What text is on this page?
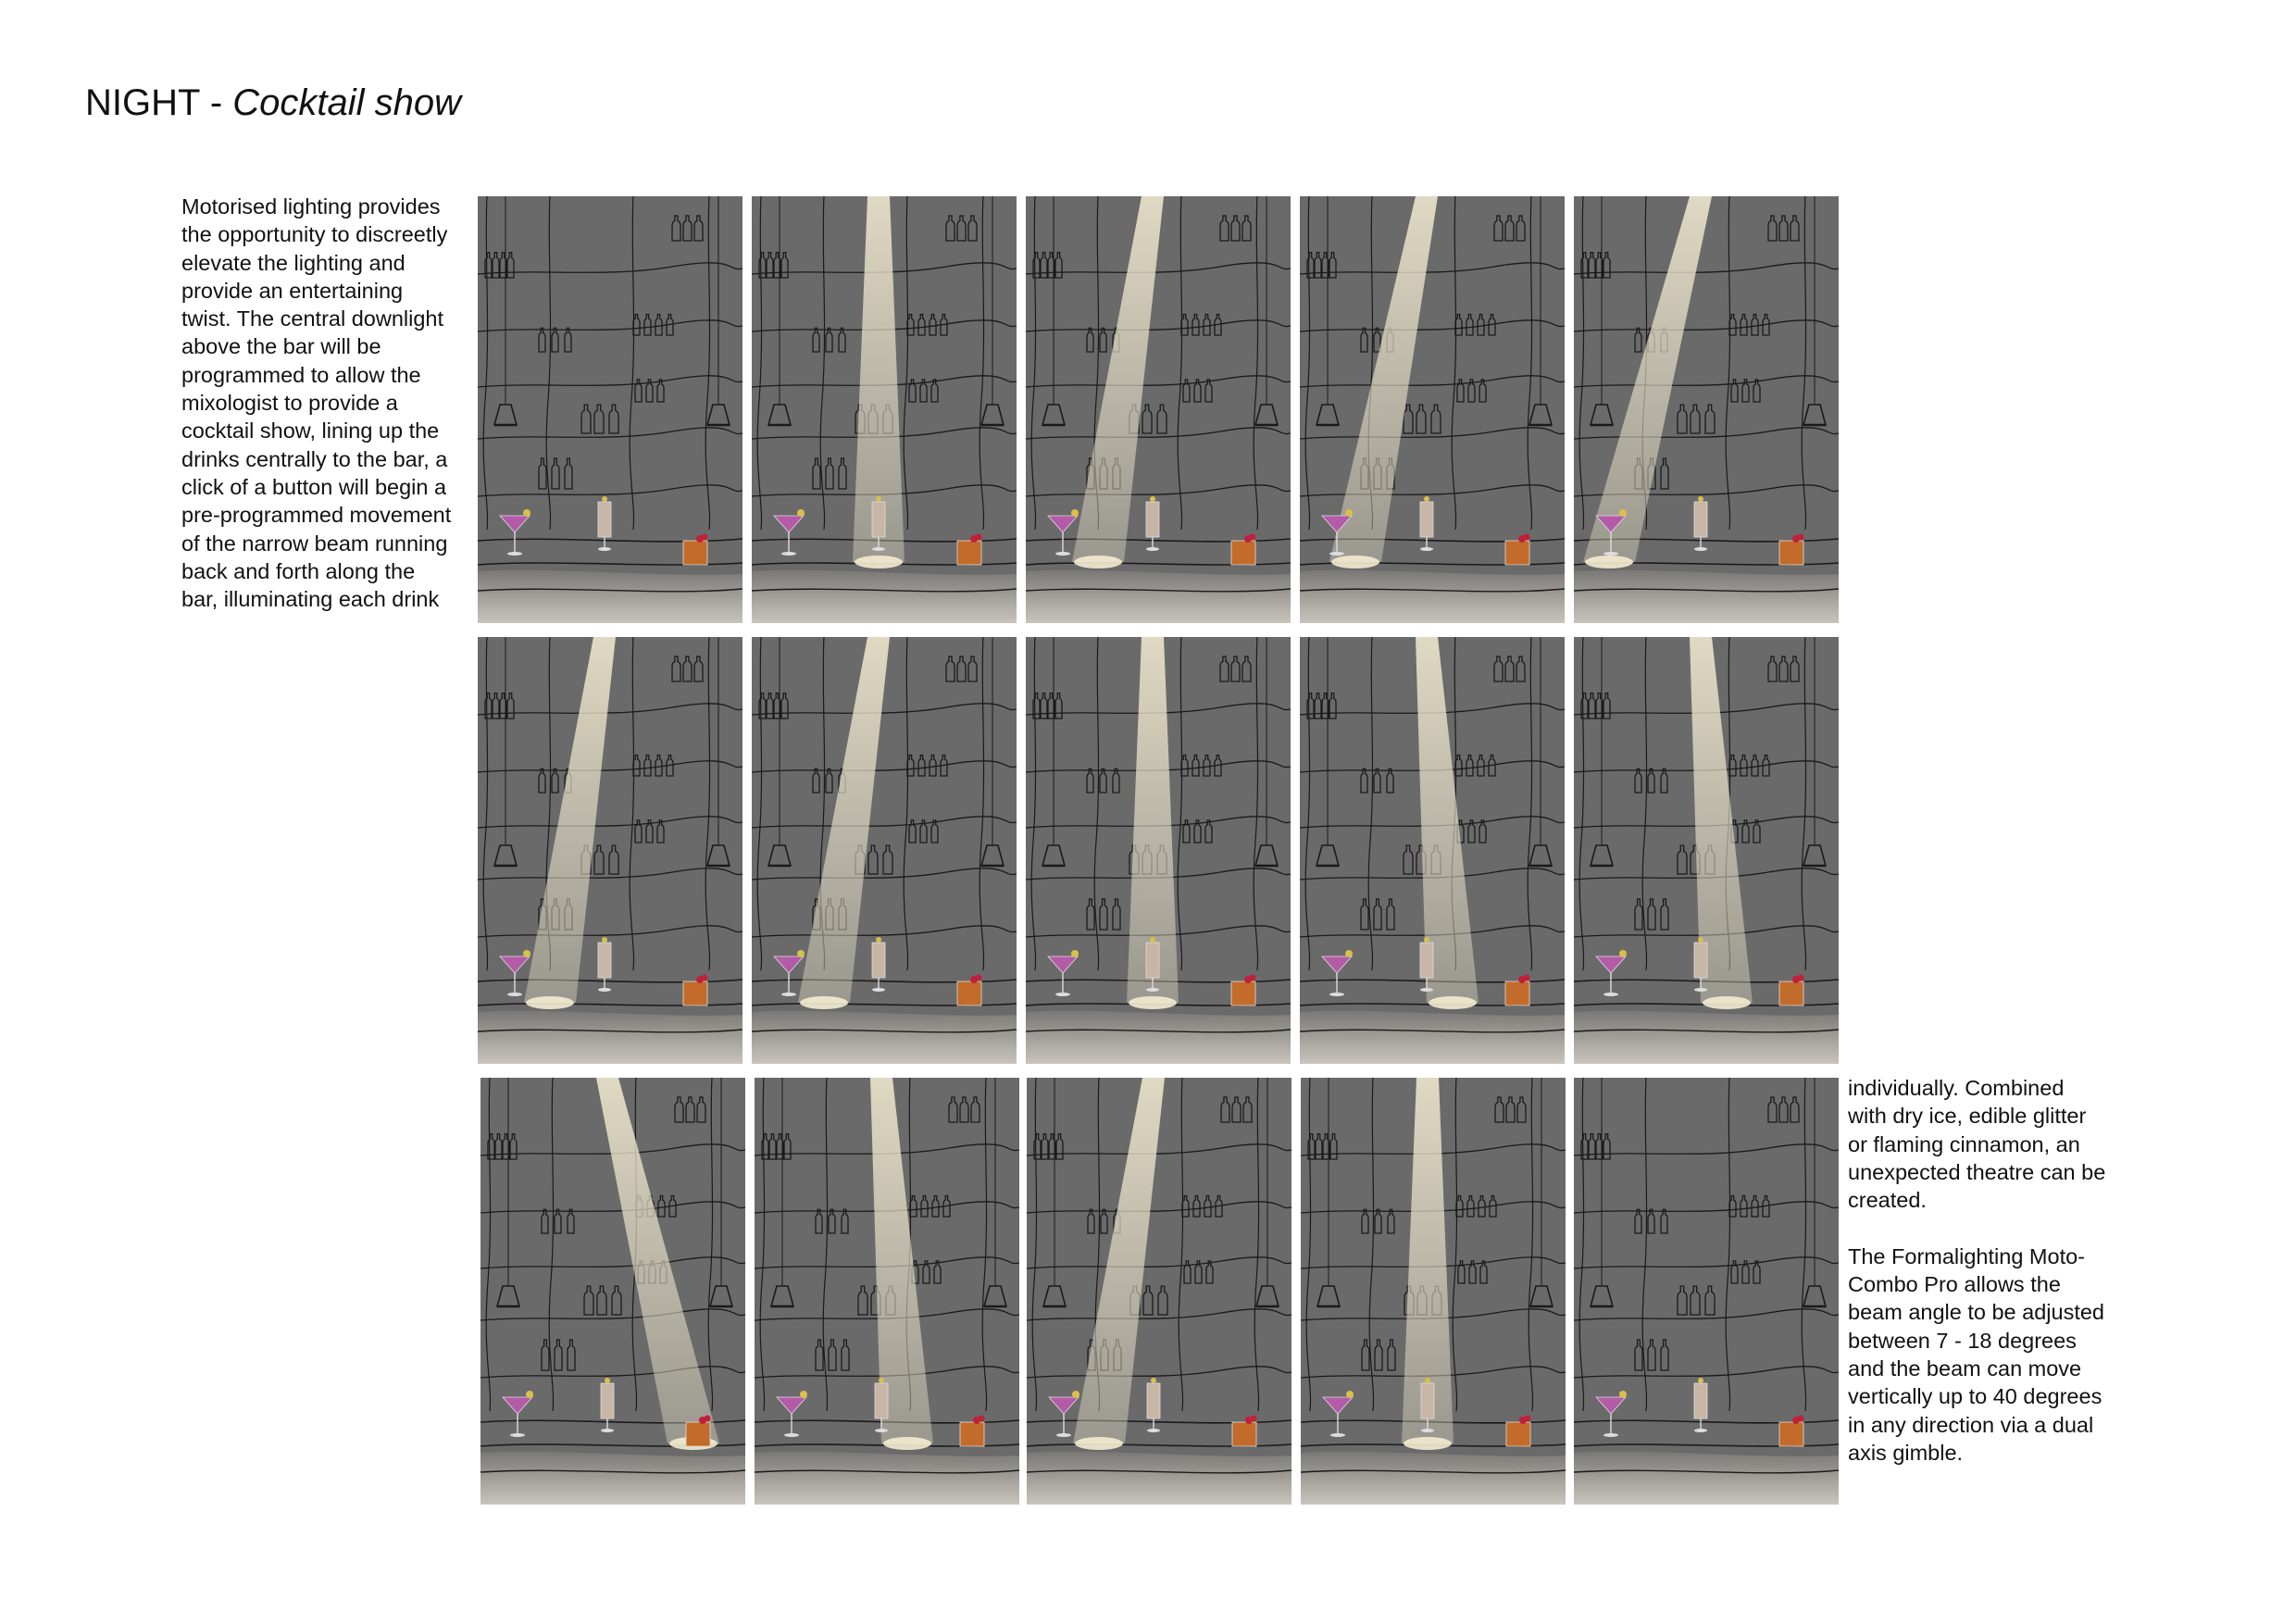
NIGHT - Cocktail show
Motorised lighting provides
the opportunity to discreetly
elevate the lighting and
provide an entertaining
twist. The central downlight
above the bar will be
programmed to allow the
mixologist to provide a
cocktail show, lining up the
drinks centrally to the bar, a
click of a button will begin a
pre-programmed movement
of the narrow beam running
back and forth along the
bar, illuminating each drink
individually. Combined
with dry ice, edible glitter
or flaming cinnamon, an
unexpected theatre can be
created.

The Formalighting Moto-
Combo Pro allows the
beam angle to be adjusted
between 7 - 18 degrees
and the beam can move
vertically up to 40 degrees
in any direction via a dual
axis gimble.
